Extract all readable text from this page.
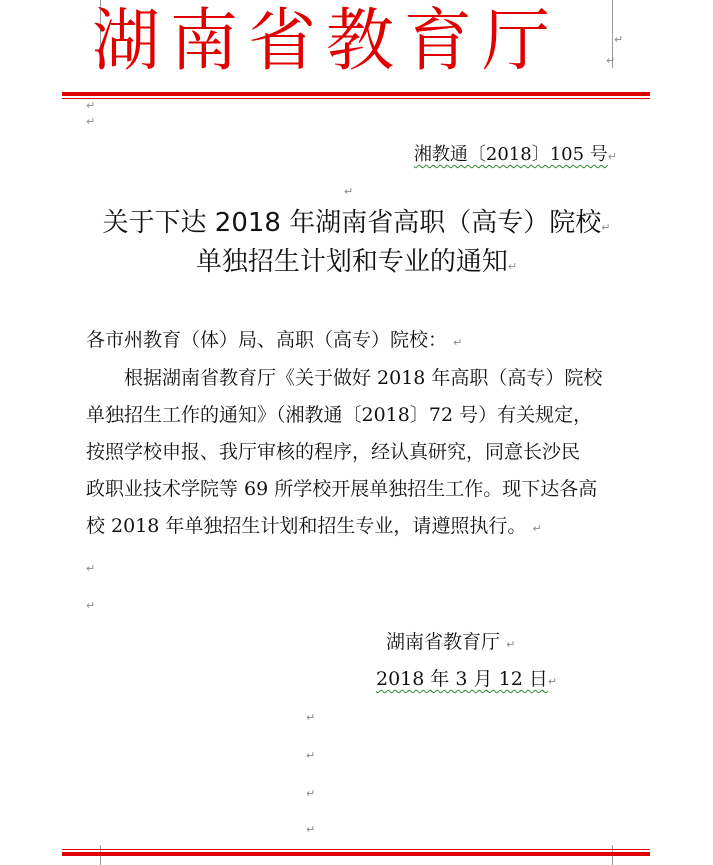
湖南省教育厅	↵
↵
↵
↵
湘教通〔2018〕105 号↵
↵
关于下达 2018 年湖南省高职（高专）院校↵
单独招生计划和专业的通知↵
各市州教育（体）局、高职（高专）院校： ↵
根据湖南省教育厅《关于做好 2018 年高职（高专）院校
单独招生工作的通知》（湘教通〔2018〕72 号）有关规定，
按照学校申报、我厅审核的程序，经认真研究，同意长沙民
政职业技术学院等 69 所学校开展单独招生工作。现下达各高
校 2018 年单独招生计划和招生专业，请遵照执行。 ↵
↵
↵
湖南省教育厅 ↵
2018 年 3 月 12 日↵
↵
↵
↵
↵
